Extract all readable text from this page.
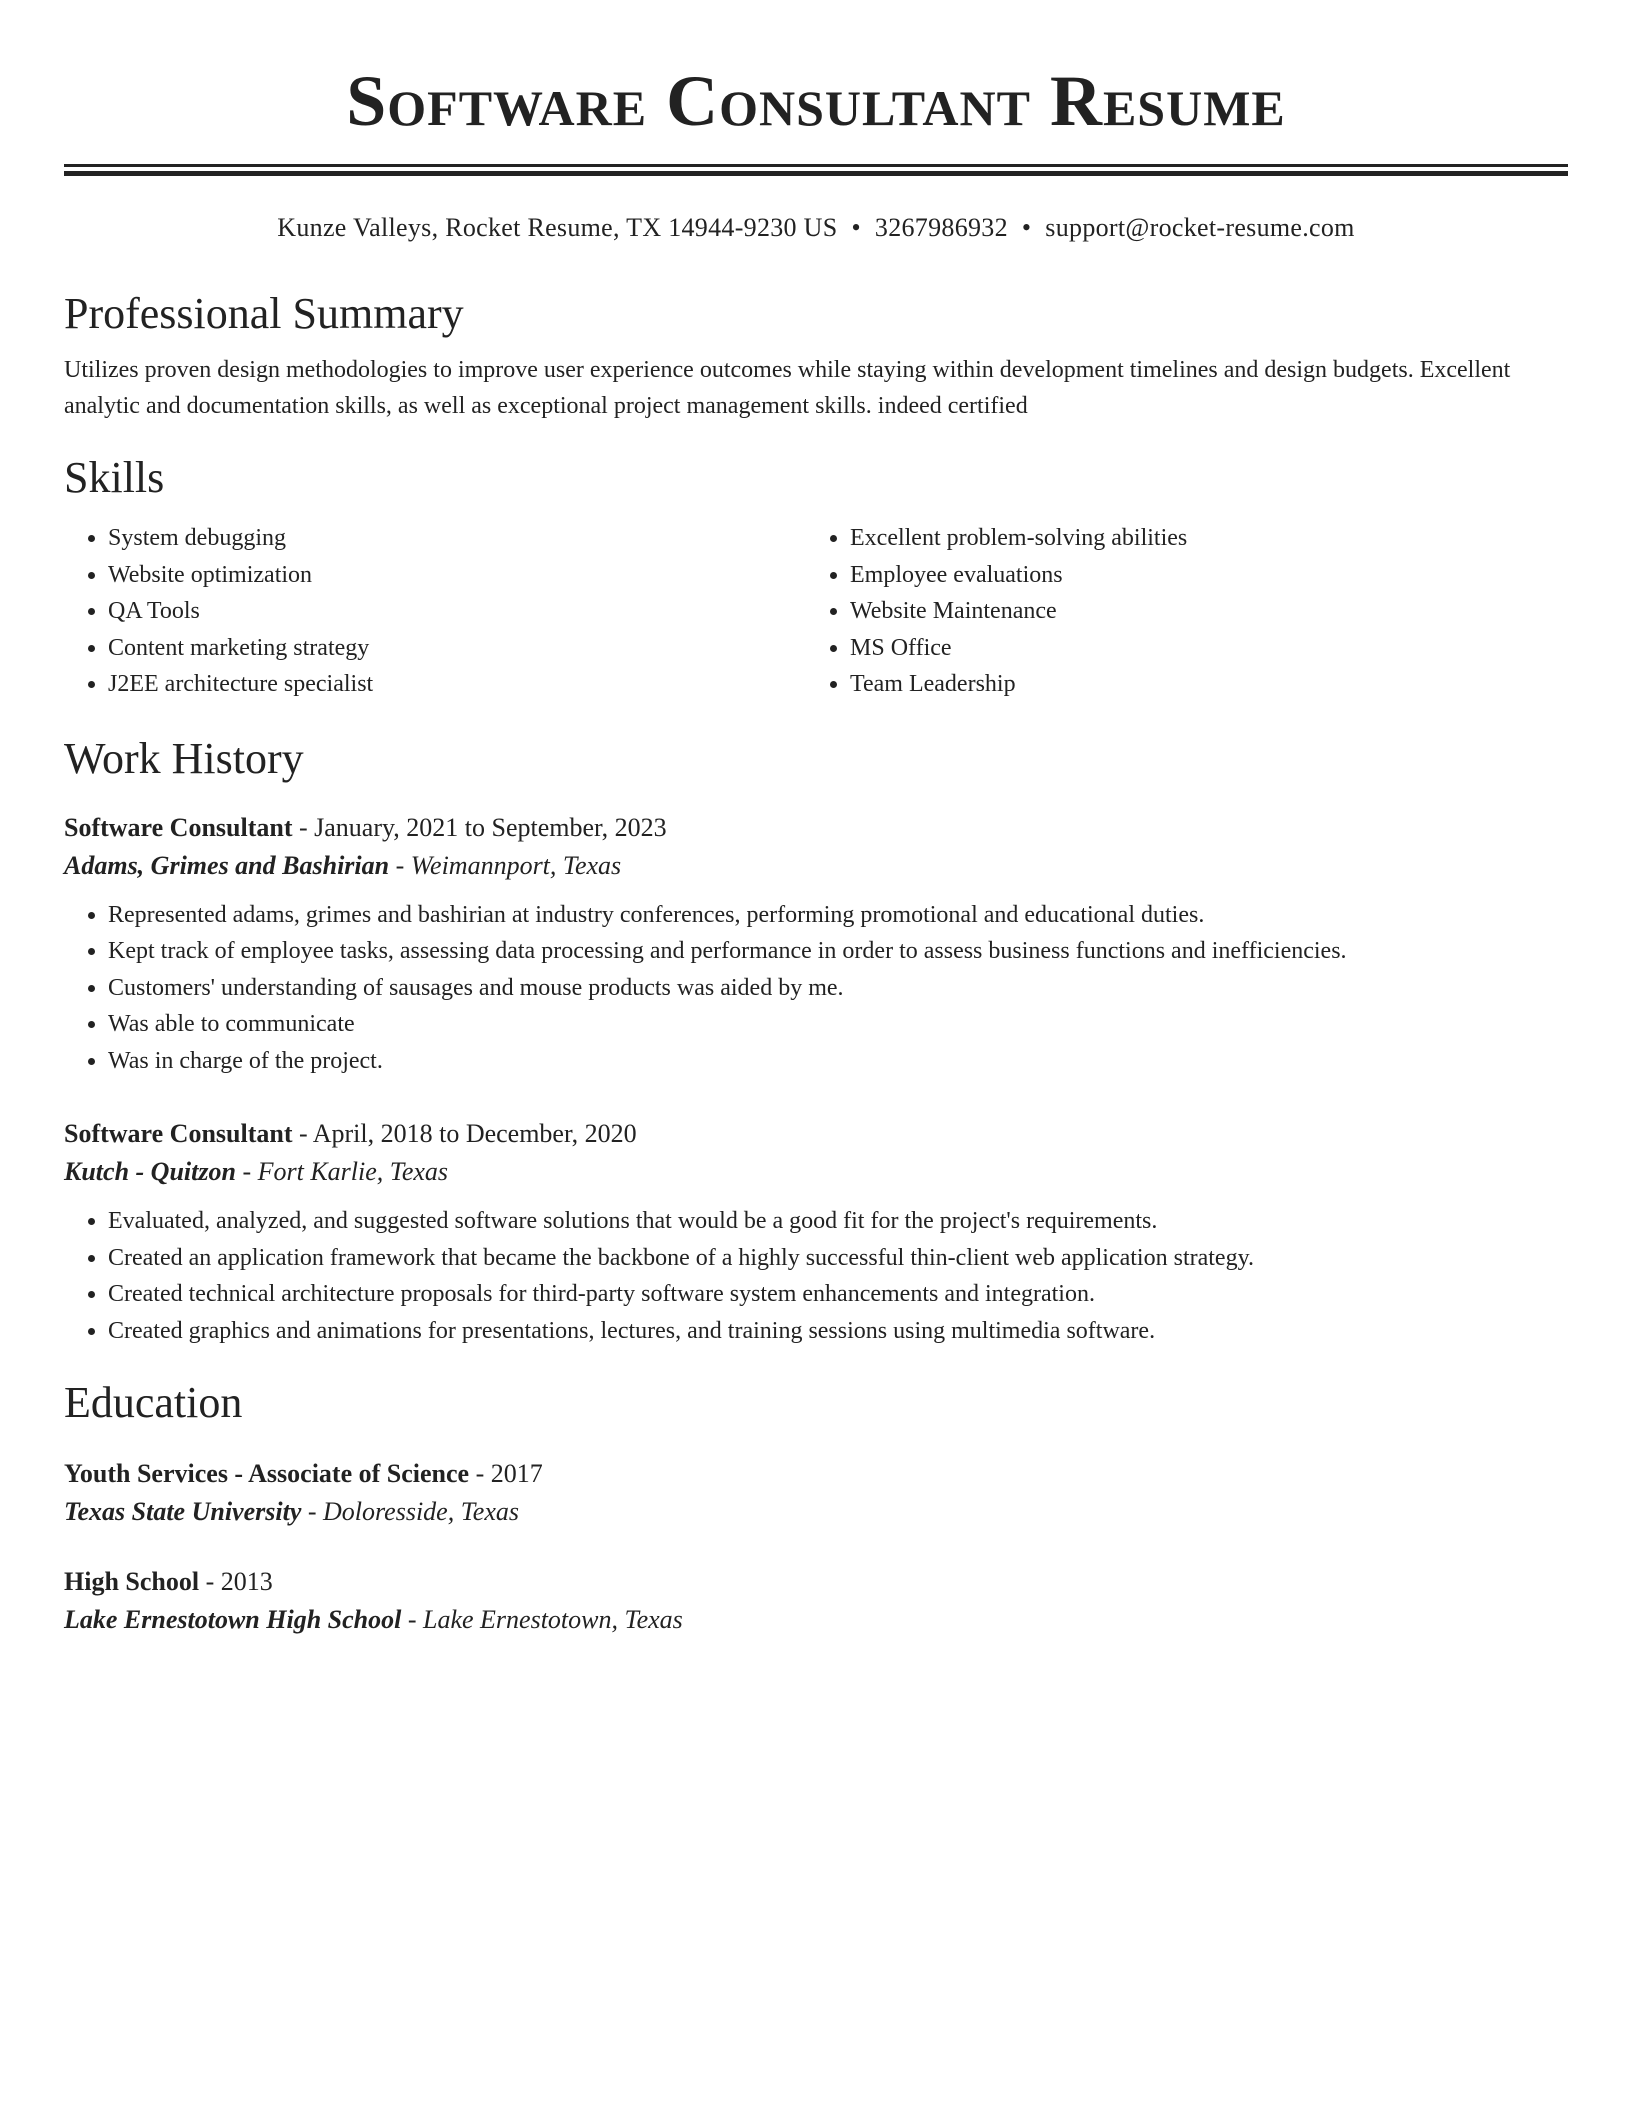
Software Consultant Resume
Kunze Valleys, Rocket Resume, TX 14944-9230 US • 3267986932 • support@rocket-resume.com
Professional Summary

Utilizes proven design methodologies to improve user experience outcomes while staying within development timelines and design budgets. Excellent analytic and documentation skills, as well as exceptional project management skills. indeed certified

Skills
• System debugging
• Website optimization
• QA Tools
• Content marketing strategy
• J2EE architecture specialist
• Excellent problem-solving abilities
• Employee evaluations
• Website Maintenance
• MS Office
• Team Leadership
Work History
Software Consultant - January, 2021 to September, 2023
Adams, Grimes and Bashirian - Weimannport, Texas
• Represented adams, grimes and bashirian at industry conferences, performing promotional and educational duties.
• Kept track of employee tasks, assessing data processing and performance in order to assess business functions and inefficiencies.
• Customers' understanding of sausages and mouse products was aided by me.
• Was able to communicate
• Was in charge of the project.
Software Consultant - April, 2018 to December, 2020
Kutch - Quitzon - Fort Karlie, Texas
• Evaluated, analyzed, and suggested software solutions that would be a good fit for the project's requirements.
• Created an application framework that became the backbone of a highly successful thin-client web application strategy.
• Created technical architecture proposals for third-party software system enhancements and integration.
• Created graphics and animations for presentations, lectures, and training sessions using multimedia software.
Education
Youth Services - Associate of Science - 2017
Texas State University - Doloresside, Texas
High School - 2013
Lake Ernestotown High School - Lake Ernestotown, Texas
